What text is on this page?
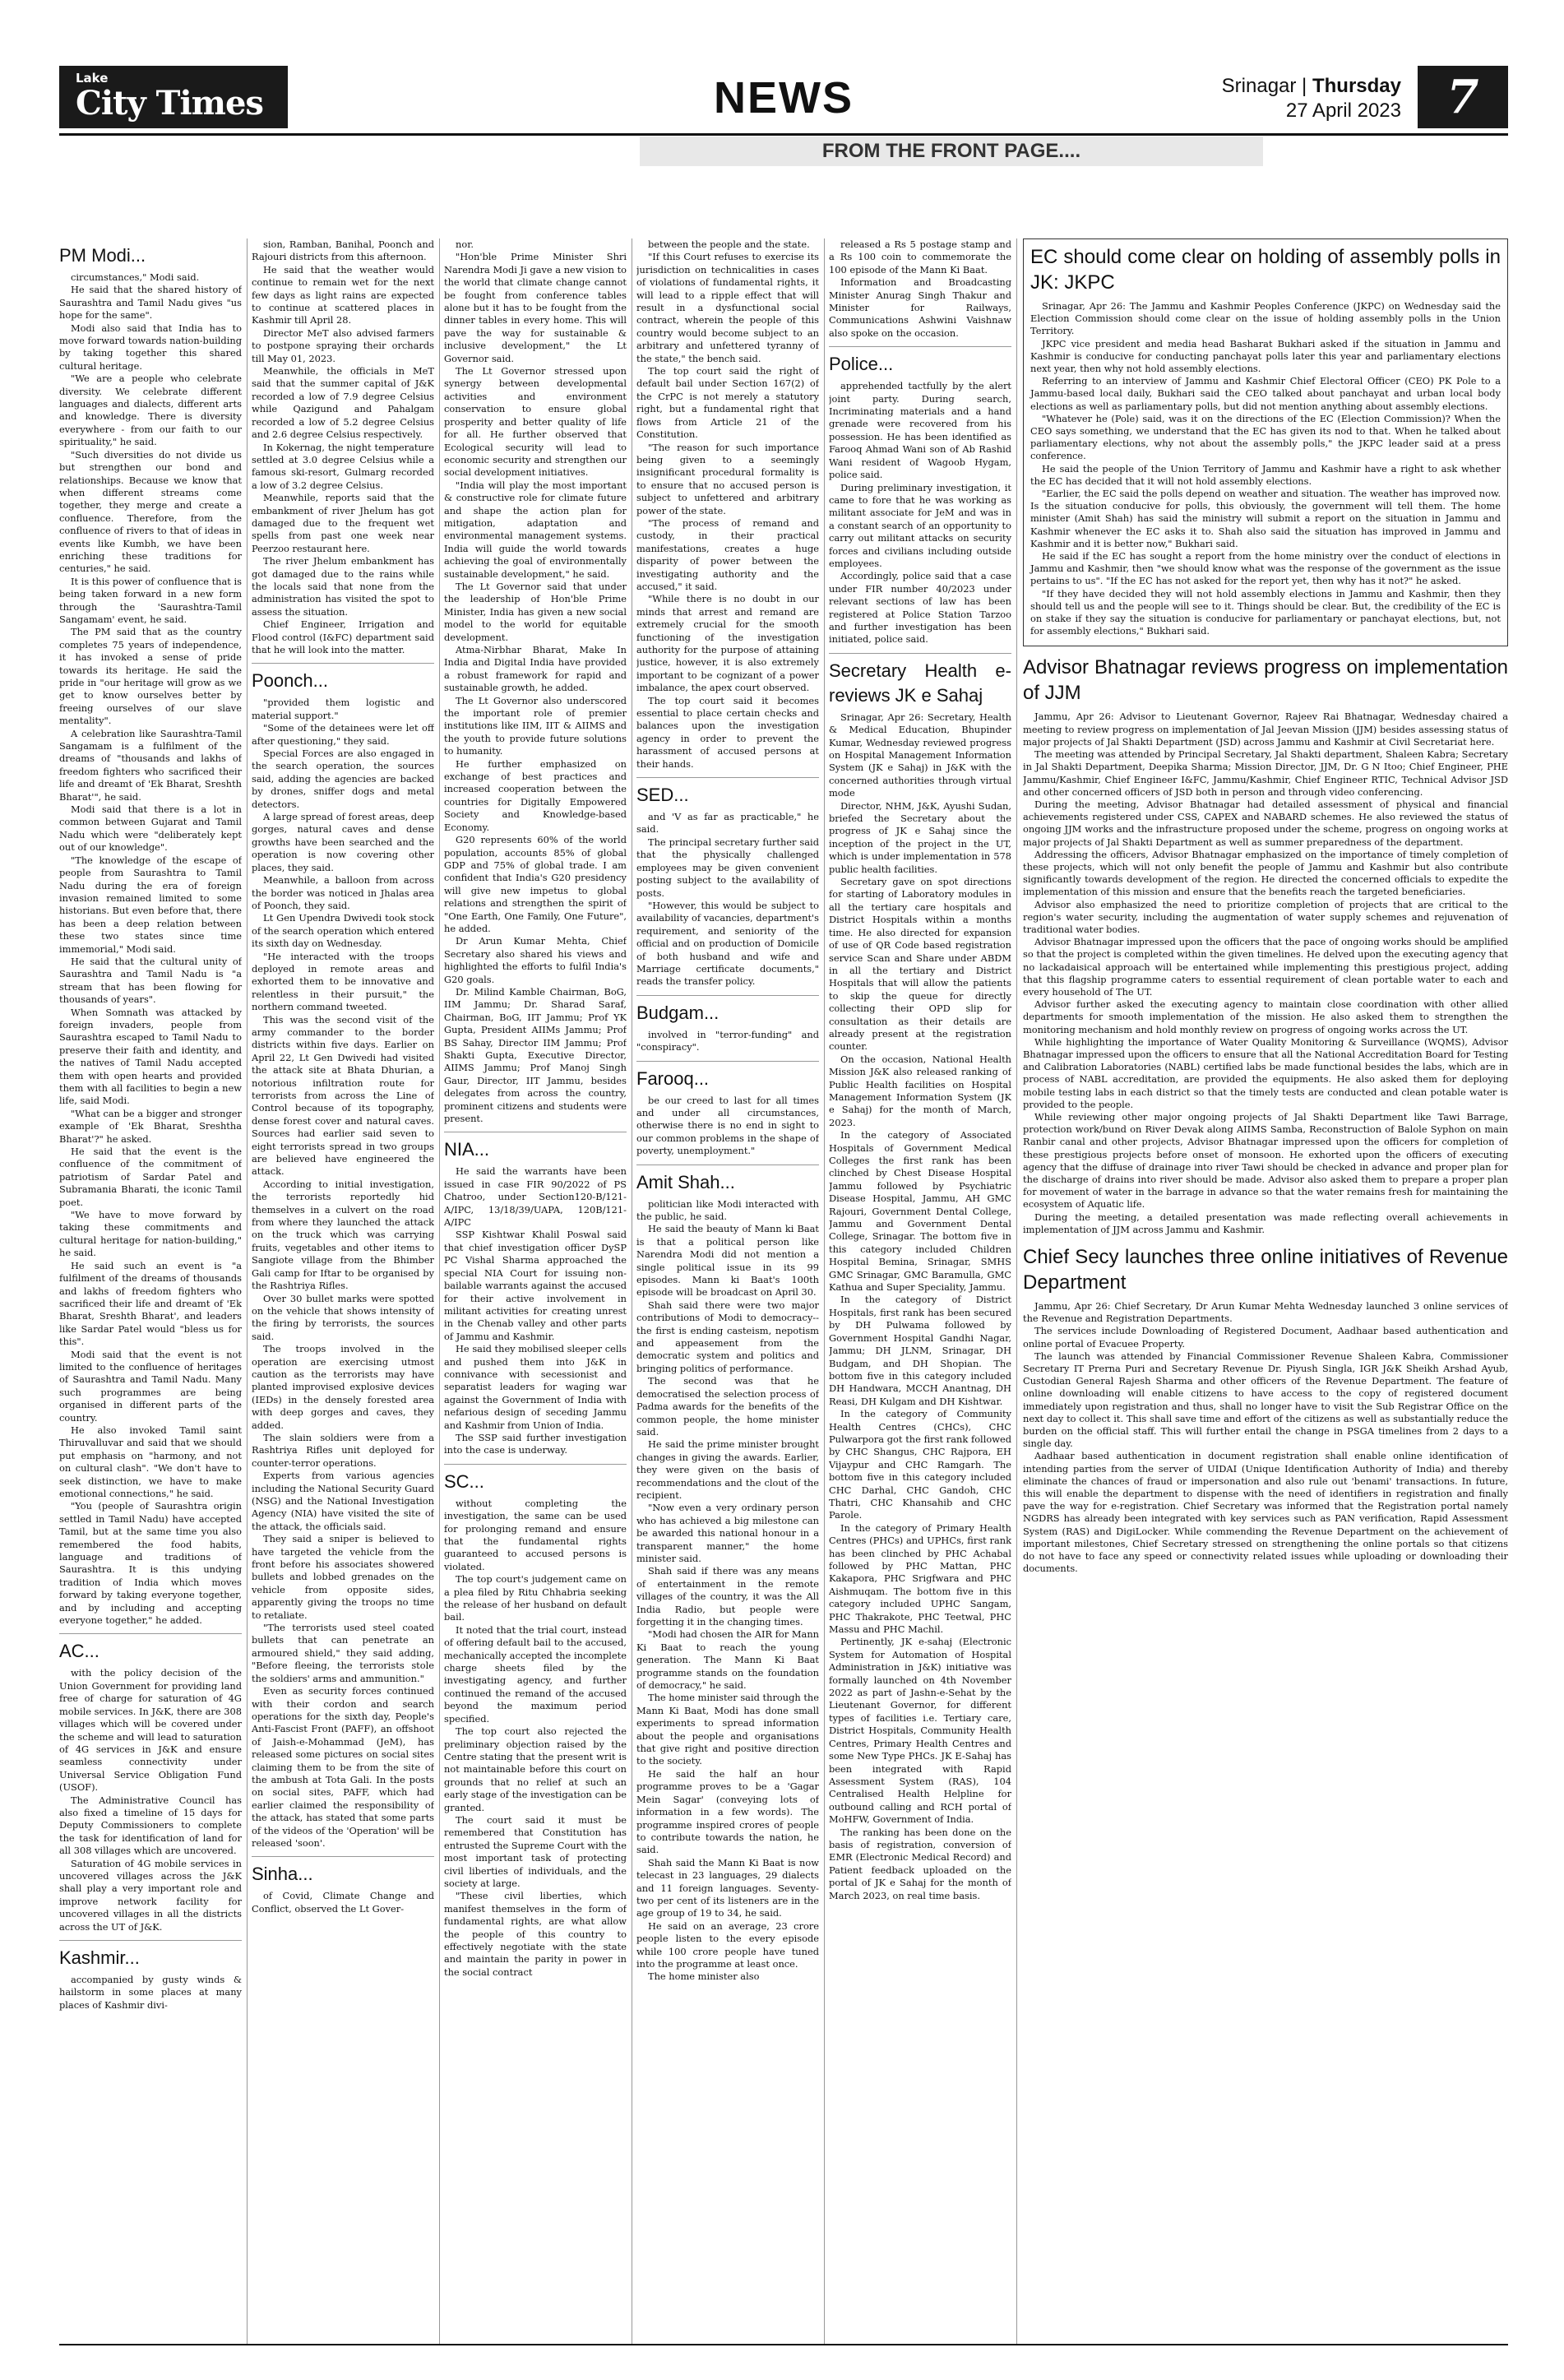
Lake
City Times	NEWS	Srinagar | Thursday
27 April 2023 7
FROM THE FRONT PAGE....
PM Modi...

circumstances," Modi said.

He said that the shared history of Saurashtra and Tamil Nadu gives "us hope for the same".

Modi also said that India has to move forward towards nation-building by taking together this shared cultural heritage.

"We are a people who celebrate diversity. We celebrate different languages and dialects, different arts and knowledge. There is diversity everywhere - from our faith to our spirituality," he said.

"Such diversities do not divide us but strengthen our bond and relationships. Because we know that when different streams come together, they merge and create a confluence. Therefore, from the confluence of rivers to that of ideas in events like Kumbh, we have been enriching these traditions for centuries," he said.

It is this power of confluence that is being taken forward in a new form through the 'Saurashtra-Tamil Sangamam' event, he said.

The PM said that as the country completes 75 years of independence, it has invoked a sense of pride towards its heritage. He said the pride in "our heritage will grow as we get to know ourselves better by freeing ourselves of our slave mentality".

A celebration like Saurashtra-Tamil Sangamam is a fulfilment of the dreams of "thousands and lakhs of freedom fighters who sacrificed their life and dreamt of 'Ek Bharat, Sreshth Bharat'", he said.

Modi said that there is a lot in common between Gujarat and Tamil Nadu which were "deliberately kept out of our knowledge".

"The knowledge of the escape of people from Saurashtra to Tamil Nadu during the era of foreign invasion remained limited to some historians. But even before that, there has been a deep relation between these two states since time immemorial," Modi said.

He said that the cultural unity of Saurashtra and Tamil Nadu is "a stream that has been flowing for thousands of years".

When Somnath was attacked by foreign invaders, people from Saurashtra escaped to Tamil Nadu to preserve their faith and identity, and the natives of Tamil Nadu accepted them with open hearts and provided them with all facilities to begin a new life, said Modi.

"What can be a bigger and stronger example of 'Ek Bharat, Sreshtha Bharat'?" he asked.

He said that the event is the confluence of the commitment of patriotism of Sardar Patel and Subramania Bharati, the iconic Tamil poet.

"We have to move forward by taking these commitments and cultural heritage for nation-building," he said.

He said such an event is "a fulfilment of the dreams of thousands and lakhs of freedom fighters who sacrificed their life and dreamt of 'Ek Bharat, Sreshth Bharat', and leaders like Sardar Patel would "bless us for this".

Modi said that the event is not limited to the confluence of heritages of Saurashtra and Tamil Nadu. Many such programmes are being organised in different parts of the country.

He also invoked Tamil saint Thiruvalluvar and said that we should put emphasis on "harmony, and not on cultural clash". "We don't have to seek distinction, we have to make emotional connections," he said.

"You (people of Saurashtra origin settled in Tamil Nadu) have accepted Tamil, but at the same time you also remembered the food habits, language and traditions of Saurashtra. It is this undying tradition of India which moves forward by taking everyone together, and by including and accepting everyone together," he added.

AC...

with the policy decision of the Union Government for providing land free of charge for saturation of 4G mobile services. In J&K, there are 308 villages which will be covered under the scheme and will lead to saturation of 4G services in J&K and ensure seamless connectivity under Universal Service Obligation Fund (USOF).

The Administrative Council has also fixed a timeline of 15 days for Deputy Commissioners to complete the task for identification of land for all 308 villages which are uncovered.

Saturation of 4G mobile services in uncovered villages across the J&K shall play a very important role and improve network facility for uncovered villages in all the districts across the UT of J&K.

Kashmir...

accompanied by gusty winds & hailstorm in some places at many places of Kashmir divi-

sion, Ramban, Banihal, Poonch and Rajouri districts from this afternoon.

He said that the weather would continue to remain wet for the next few days as light rains are expected to continue at scattered places in Kashmir till April 28.

Director MeT also advised farmers to postpone spraying their orchards till May 01, 2023.

Meanwhile, the officials in MeT said that the summer capital of J&K recorded a low of 7.9 degree Celsius while Qazigund and Pahalgam recorded a low of 5.2 degree Celsius and 2.6 degree Celsius respectively.

In Kokernag, the night temperature settled at 3.0 degree Celsius while a famous ski-resort, Gulmarg recorded a low of 3.2 degree Celsius.

Meanwhile, reports said that the embankment of river Jhelum has got damaged due to the frequent wet spells from past one week near Peerzoo restaurant here.

The river Jhelum embankment has got damaged due to the rains while the locals said that none from the administration has visited the spot to assess the situation.

Chief Engineer, Irrigation and Flood control (I&FC) department said that he will look into the matter.

Poonch...

"provided them logistic and material support."

"Some of the detainees were let off after questioning," they said.

Special Forces are also engaged in the search operation, the sources said, adding the agencies are backed by drones, sniffer dogs and metal detectors.

A large spread of forest areas, deep gorges, natural caves and dense growths have been searched and the operation is now covering other places, they said.

Meanwhile, a balloon from across the border was noticed in Jhalas area of Poonch, they said.

Lt Gen Upendra Dwivedi took stock of the search operation which entered its sixth day on Wednesday.

"He interacted with the troops deployed in remote areas and exhorted them to be innovative and relentless in their pursuit," the northern command tweeted.

This was the second visit of the army commander to the border districts within five days. Earlier on April 22, Lt Gen Dwivedi had visited the attack site at Bhata Dhurian, a notorious infiltration route for terrorists from across the Line of Control because of its topography, dense forest cover and natural caves. Sources had earlier said seven to eight terrorists spread in two groups are believed have engineered the attack.

According to initial investigation, the terrorists reportedly hid themselves in a culvert on the road from where they launched the attack on the truck which was carrying fruits, vegetables and other items to Sangiote village from the Bhimber Gali camp for Iftar to be organised by the Rashtriya Rifles.

Over 30 bullet marks were spotted on the vehicle that shows intensity of the firing by terrorists, the sources said.

The troops involved in the operation are exercising utmost caution as the terrorists may have planted improvised explosive devices (IEDs) in the densely forested area with deep gorges and caves, they added.

The slain soldiers were from a Rashtriya Rifles unit deployed for counter-terror operations.

Experts from various agencies including the National Security Guard (NSG) and the National Investigation Agency (NIA) have visited the site of the attack, the officials said.

They said a sniper is believed to have targeted the vehicle from the front before his associates showered bullets and lobbed grenades on the vehicle from opposite sides, apparently giving the troops no time to retaliate.

"The terrorists used steel coated bullets that can penetrate an armoured shield," they said adding, "Before fleeing, the terrorists stole the soldiers' arms and ammunition."

Even as security forces continued with their cordon and search operations for the sixth day, People's Anti-Fascist Front (PAFF), an offshoot of Jaish-e-Mohammad (JeM), has released some pictures on social sites claiming them to be from the site of the ambush at Tota Gali. In the posts on social sites, PAFF, which had earlier claimed the responsibility of the attack, has stated that some parts of the videos of the 'Operation' will be released 'soon'.

Sinha...

of Covid, Climate Change and Conflict, observed the Lt Gover-

nor.

"Hon'ble Prime Minister Shri Narendra Modi Ji gave a new vision to the world that climate change cannot be fought from conference tables alone but it has to be fought from the dinner tables in every home. This will pave the way for sustainable & inclusive development," the Lt Governor said.

The Lt Governor stressed upon synergy between developmental activities and environment conservation to ensure global prosperity and better quality of life for all. He further observed that Ecological security will lead to economic security and strengthen our social development initiatives.

"India will play the most important & constructive role for climate future and shape the action plan for mitigation, adaptation and environmental management systems. India will guide the world towards achieving the goal of environmentally sustainable development," he said.

The Lt Governor said that under the leadership of Hon'ble Prime Minister, India has given a new social model to the world for equitable development.

Atma-Nirbhar Bharat, Make In India and Digital India have provided a robust framework for rapid and sustainable growth, he added.

The Lt Governor also underscored the important role of premier institutions like IIM, IIT & AIIMS and the youth to provide future solutions to humanity.

He further emphasized on exchange of best practices and increased cooperation between the countries for Digitally Empowered Society and Knowledge-based Economy.

G20 represents 60% of the world population, accounts 85% of global GDP and 75% of global trade. I am confident that India's G20 presidency will give new impetus to global relations and strengthen the spirit of "One Earth, One Family, One Future", he added.

Dr Arun Kumar Mehta, Chief Secretary also shared his views and highlighted the efforts to fulfil India's G20 goals.

Dr. Milind Kamble Chairman, BoG, IIM Jammu; Dr. Sharad Saraf, Chairman, BoG, IIT Jammu; Prof YK Gupta, President AIIMs Jammu; Prof BS Sahay, Director IIM Jammu; Prof Shakti Gupta, Executive Director, AIIMS Jammu; Prof Manoj Singh Gaur, Director, IIT Jammu, besides delegates from across the country, prominent citizens and students were present.

NIA...

He said the warrants have been issued in case FIR 90/2022 of PS Chatroo, under Section120-B/121-A/IPC, 13/18/39/UAPA, 120B/121-A/IPC

SSP Kishtwar Khalil Poswal said that chief investigation officer DySP PC Vishal Sharma approached the special NIA Court for issuing non-bailable warrants against the accused for their active involvement in militant activities for creating unrest in the Chenab valley and other parts of Jammu and Kashmir.

He said they mobilised sleeper cells and pushed them into J&K in connivance with secessionist and separatist leaders for waging war against the Government of India with nefarious design of seceding Jammu and Kashmir from Union of India.

The SSP said further investigation into the case is underway.

SC...

without completing the investigation, the same can be used for prolonging remand and ensure that the fundamental rights guaranteed to accused persons is violated.

The top court's judgement came on a plea filed by Ritu Chhabria seeking the release of her husband on default bail.

It noted that the trial court, instead of offering default bail to the accused, mechanically accepted the incomplete charge sheets filed by the investigating agency, and further continued the remand of the accused beyond the maximum period specified.

The top court also rejected the preliminary objection raised by the Centre stating that the present writ is not maintainable before this court on grounds that no relief at such an early stage of the investigation can be granted.

The court said it must be remembered that Constitution has entrusted the Supreme Court with the most important task of protecting civil liberties of individuals, and the society at large.

"These civil liberties, which manifest themselves in the form of fundamental rights, are what allow the people of this country to effectively negotiate with the state and maintain the parity in power in the social contract

between the people and the state.

"If this Court refuses to exercise its jurisdiction on technicalities in cases of violations of fundamental rights, it will lead to a ripple effect that will result in a dysfunctional social contract, wherein the people of this country would become subject to an arbitrary and unfettered tyranny of the state," the bench said.

The top court said the right of default bail under Section 167(2) of the CrPC is not merely a statutory right, but a fundamental right that flows from Article 21 of the Constitution.

"The reason for such importance being given to a seemingly insignificant procedural formality is to ensure that no accused person is subject to unfettered and arbitrary power of the state.

"The process of remand and custody, in their practical manifestations, creates a huge disparity of power between the investigating authority and the accused," it said.

"While there is no doubt in our minds that arrest and remand are extremely crucial for the smooth functioning of the investigation authority for the purpose of attaining justice, however, it is also extremely important to be cognizant of a power imbalance, the apex court observed.

The top court said it becomes essential to place certain checks and balances upon the investigation agency in order to prevent the harassment of accused persons at their hands.

SED...

and 'V as far as practicable," he said.

The principal secretary further said that the physically challenged employees may be given convenient posting subject to the availability of posts.

"However, this would be subject to availability of vacancies, department's requirement, and seniority of the official and on production of Domicile of both husband and wife and Marriage certificate documents," reads the transfer policy.

Budgam...

involved in "terror-funding" and "conspiracy".

Farooq...

be our creed to last for all times and under all circumstances, otherwise there is no end in sight to our common problems in the shape of poverty, unemployment."

Amit Shah...

politician like Modi interacted with the public, he said.

He said the beauty of Mann ki Baat is that a political person like Narendra Modi did not mention a single political issue in its 99 episodes. Mann ki Baat's 100th episode will be broadcast on April 30.

Shah said there were two major contributions of Modi to democracy-- the first is ending casteism, nepotism and appeasement from the democratic system and politics and bringing politics of performance.

The second was that he democratised the selection process of Padma awards for the benefits of the common people, the home minister said.

He said the prime minister brought changes in giving the awards. Earlier, they were given on the basis of recommendations and the clout of the recipient.

"Now even a very ordinary person who has achieved a big milestone can be awarded this national honour in a transparent manner," the home minister said.

Shah said if there was any means of entertainment in the remote villages of the country, it was the All India Radio, but people were forgetting it in the changing times.

"Modi had chosen the AIR for Mann Ki Baat to reach the young generation. The Mann Ki Baat programme stands on the foundation of democracy," he said.

The home minister said through the Mann Ki Baat, Modi has done small experiments to spread information about the people and organisations that give right and positive direction to the society.

He said the half an hour programme proves to be a 'Gagar Mein Sagar' (conveying lots of information in a few words). The programme inspired crores of people to contribute towards the nation, he said.

Shah said the Mann Ki Baat is now telecast in 23 languages, 29 dialects and 11 foreign languages. Seventy-two per cent of its listeners are in the age group of 19 to 34, he said.

He said on an average, 23 crore people listen to the every episode while 100 crore people have tuned into the programme at least once.

The home minister also

released a Rs 5 postage stamp and a Rs 100 coin to commemorate the 100 episode of the Mann Ki Baat.

Information and Broadcasting Minister Anurag Singh Thakur and Minister for Railways, Communications Ashwini Vaishnaw also spoke on the occasion.

Police...

apprehended tactfully by the alert joint party. During search, Incriminating materials and a hand grenade were recovered from his possession. He has been identified as Farooq Ahmad Wani son of Ab Rashid Wani resident of Wagoob Hygam, police said.

During preliminary investigation, it came to fore that he was working as militant associate for JeM and was in a constant search of an opportunity to carry out militant attacks on security forces and civilians including outside employees.

Accordingly, police said that a case under FIR number 40/2023 under relevant sections of law has been registered at Police Station Tarzoo and further investigation has been initiated, police said.

Secretary Health e-reviews JK e Sahaj

Srinagar, Apr 26: Secretary, Health & Medical Education, Bhupinder Kumar, Wednesday reviewed progress on Hospital Management Information System (JK e Sahaj) in J&K with the concerned authorities through virtual mode

Director, NHM, J&K, Ayushi Sudan, briefed the Secretary about the progress of JK e Sahaj since the inception of the project in the UT, which is under implementation in 578 public health facilities.

Secretary gave on spot directions for starting of Laboratory modules in all the tertiary care hospitals and District Hospitals within a months time. He also directed for expansion of use of QR Code based registration service Scan and Share under ABDM in all the tertiary and District Hospitals that will allow the patients to skip the queue for directly collecting their OPD slip for consultation as their details are already present at the registration counter.

On the occasion, National Health Mission J&K also released ranking of Public Health facilities on Hospital Management Information System (JK e Sahaj) for the month of March, 2023.

In the category of Associated Hospitals of Government Medical Colleges the first rank has been clinched by Chest Disease Hospital Jammu followed by Psychiatric Disease Hospital, Jammu, AH GMC Rajouri, Government Dental College, Jammu and Government Dental College, Srinagar. The bottom five in this category included Children Hospital Bemina, Srinagar, SMHS GMC Srinagar, GMC Baramulla, GMC Kathua and Super Speciality, Jammu.

In the category of District Hospitals, first rank has been secured by DH Pulwama followed by Government Hospital Gandhi Nagar, Jammu; DH JLNM, Srinagar, DH Budgam, and DH Shopian. The bottom five in this category included DH Handwara, MCCH Anantnag, DH Reasi, DH Kulgam and DH Kishtwar.

In the category of Community Health Centres (CHCs), CHC Pulwarpora got the first rank followed by CHC Shangus, CHC Rajpora, EH Vijaypur and CHC Ramgarh. The bottom five in this category included CHC Darhal, CHC Gandoh, CHC Thatri, CHC Khansahib and CHC Parole.

In the category of Primary Health Centres (PHCs) and UPHCs, first rank has been clinched by PHC Achabal followed by PHC Mattan, PHC Kakapora, PHC Srigfwara and PHC Aishmuqam. The bottom five in this category included UPHC Sangam, PHC Thakrakote, PHC Teetwal, PHC Massu and PHC Machil.

Pertinently, JK e-sahaj (Electronic System for Automation of Hospital Administration in J&K) initiative was formally launched on 4th November 2022 as part of Jashn-e-Sehat by the Lieutenant Governor, for different types of facilities i.e. Tertiary care, District Hospitals, Community Health Centres, Primary Health Centres and some New Type PHCs. JK E-Sahaj has been integrated with Rapid Assessment System (RAS), 104 Centralised Health Helpline for outbound calling and RCH portal of MoHFW, Government of India.

The ranking has been done on the basis of registration, conversion of EMR (Electronic Medical Record) and Patient feedback uploaded on the portal of JK e Sahaj for the month of March 2023, on real time basis.

EC should come clear on holding of assembly polls in JK: JKPC

Srinagar, Apr 26: The Jammu and Kashmir Peoples Conference (JKPC) on Wednesday said the Election Commission should come clear on the issue of holding assembly polls in the Union Territory.

JKPC vice president and media head Basharat Bukhari asked if the situation in Jammu and Kashmir is conducive for conducting panchayat polls later this year and parliamentary elections next year, then why not hold assembly elections.

Referring to an interview of Jammu and Kashmir Chief Electoral Officer (CEO) PK Pole to a Jammu-based local daily, Bukhari said the CEO talked about panchayat and urban local body elections as well as parliamentary polls, but did not mention anything about assembly elections.

"Whatever he (Pole) said, was it on the directions of the EC (Election Commission)? When the CEO says something, we understand that the EC has given its nod to that. When he talked about parliamentary elections, why not about the assembly polls," the JKPC leader said at a press conference.

He said the people of the Union Territory of Jammu and Kashmir have a right to ask whether the EC has decided that it will not hold assembly elections.

"Earlier, the EC said the polls depend on weather and situation. The weather has improved now. Is the situation conducive for polls, this obviously, the government will tell them. The home minister (Amit Shah) has said the ministry will submit a report on the situation in Jammu and Kashmir whenever the EC asks it to. Shah also said the situation has improved in Jammu and Kashmir and it is better now," Bukhari said.

He said if the EC has sought a report from the home ministry over the conduct of elections in Jammu and Kashmir, then "we should know what was the response of the government as the issue pertains to us". "If the EC has not asked for the report yet, then why has it not?" he asked.

"If they have decided they will not hold assembly elections in Jammu and Kashmir, then they should tell us and the people will see to it. Things should be clear. But, the credibility of the EC is on stake if they say the situation is conducive for parliamentary or panchayat elections, but, not for assembly elections," Bukhari said.

Advisor Bhatnagar reviews progress on implementation of JJM

Jammu, Apr 26: Advisor to Lieutenant Governor, Rajeev Rai Bhatnagar, Wednesday chaired a meeting to review progress on implementation of Jal Jeevan Mission (JJM) besides assessing status of major projects of Jal Shakti Department (JSD) across Jammu and Kashmir at Civil Secretariat here.

The meeting was attended by Principal Secretary, Jal Shakti department, Shaleen Kabra; Secretary in Jal Shakti Department, Deepika Sharma; Mission Director, JJM, Dr. G N Itoo; Chief Engineer, PHE Jammu/Kashmir, Chief Engineer I&FC, Jammu/Kashmir, Chief Engineer RTIC, Technical Advisor JSD and other concerned officers of JSD both in person and through video conferencing.

During the meeting, Advisor Bhatnagar had detailed assessment of physical and financial achievements registered under CSS, CAPEX and NABARD schemes. He also reviewed the status of ongoing JJM works and the infrastructure proposed under the scheme, progress on ongoing works at major projects of Jal Shakti Department as well as summer preparedness of the department.

Addressing the officers, Advisor Bhatnagar emphasized on the importance of timely completion of these projects, which will not only benefit the people of Jammu and Kashmir but also contribute significantly towards development of the region. He directed the concerned officials to expedite the implementation of this mission and ensure that the benefits reach the targeted beneficiaries.

Advisor also emphasized the need to prioritize completion of projects that are critical to the region's water security, including the augmentation of water supply schemes and rejuvenation of traditional water bodies.

Advisor Bhatnagar impressed upon the officers that the pace of ongoing works should be amplified so that the project is completed within the given timelines. He delved upon the executing agency that no lackadaisical approach will be entertained while implementing this prestigious project, adding that this flagship programme caters to essential requirement of clean portable water to each and every household of The UT.

Advisor further asked the executing agency to maintain close coordination with other allied departments for smooth implementation of the mission. He also asked them to strengthen the monitoring mechanism and hold monthly review on progress of ongoing works across the UT.

While highlighting the importance of Water Quality Monitoring & Surveillance (WQMS), Advisor Bhatnagar impressed upon the officers to ensure that all the National Accreditation Board for Testing and Calibration Laboratories (NABL) certified labs be made functional besides the labs, which are in process of NABL accreditation, are provided the equipments. He also asked them for deploying mobile testing labs in each district so that the timely tests are conducted and clean potable water is provided to the people.

While reviewing other major ongoing projects of Jal Shakti Department like Tawi Barrage, protection work/bund on River Devak along AIIMS Samba, Reconstruction of Balole Syphon on main Ranbir canal and other projects, Advisor Bhatnagar impressed upon the officers for completion of these prestigious projects before onset of monsoon. He exhorted upon the officers of executing agency that the diffuse of drainage into river Tawi should be checked in advance and proper plan for the discharge of drains into river should be made. Advisor also asked them to prepare a proper plan for movement of water in the barrage in advance so that the water remains fresh for maintaining the ecosystem of Aquatic life.

During the meeting, a detailed presentation was made reflecting overall achievements in implementation of JJM across Jammu and Kashmir.

Chief Secy launches three online initiatives of Revenue Department

Jammu, Apr 26: Chief Secretary, Dr Arun Kumar Mehta Wednesday launched 3 online services of the Revenue and Registration Departments.

The services include Downloading of Registered Document, Aadhaar based authentication and online portal of Evacuee Property.

The launch was attended by Financial Commissioner Revenue Shaleen Kabra, Commissioner Secretary IT Prerna Puri and Secretary Revenue Dr. Piyush Singla, IGR J&K Sheikh Arshad Ayub, Custodian General Rajesh Sharma and other officers of the Revenue Department. The feature of online downloading will enable citizens to have access to the copy of registered document immediately upon registration and thus, shall no longer have to visit the Sub Registrar Office on the next day to collect it. This shall save time and effort of the citizens as well as substantially reduce the burden on the official staff. This will further entail the change in PSGA timelines from 2 days to a single day.

Aadhaar based authentication in document registration shall enable online identification of intending parties from the server of UIDAI (Unique Identification Authority of India) and thereby eliminate the chances of fraud or impersonation and also rule out 'benami' transactions. In future, this will enable the department to dispense with the need of identifiers in registration and finally pave the way for e-registration. Chief Secretary was informed that the Registration portal namely NGDRS has already been integrated with key services such as PAN verification, Rapid Assessment System (RAS) and DigiLocker. While commending the Revenue Department on the achievement of important milestones, Chief Secretary stressed on strengthening the online portals so that citizens do not have to face any speed or connectivity related issues while uploading or downloading their documents.
